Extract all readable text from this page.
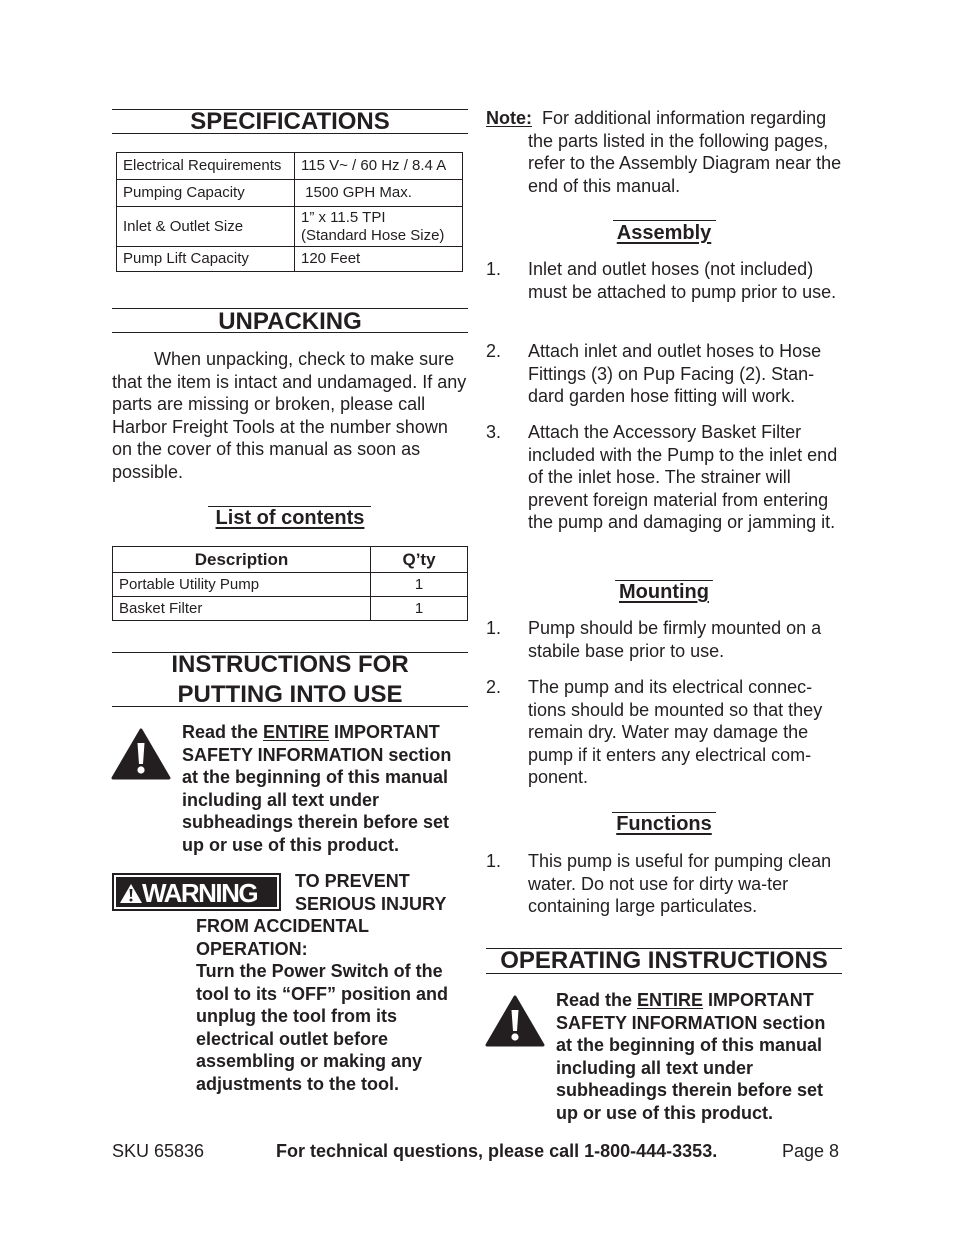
SPECIFICATIONS
Electrical Requirements	115 V~ / 60 Hz / 8.4 A
Pumping Capacity	1500 GPH Max.
Inlet & Outlet Size	1” x 11.5 TPI
(Standard Hose Size)

Pump Lift Capacity	120 Feet
UNPACKING
When unpacking, check to make sure that the item is intact and undamaged. If any parts are missing or broken, please call Harbor Freight Tools at the number shown on the cover of this manual as soon as possible.
List of contents
Description	Q’ty
Portable Utility Pump	1
Basket Filter	1
INSTRUCTIONS FOR
PUTTING INTO USE
Read the ENTIRE IMPORTANT SAFETY INFORMATION section at the beginning of this manual including all text under subheadings therein before set up or use of this product.
WARNING TO PREVENT
SERIOUS INJURY
FROM ACCIDENTAL OPERATION:
Turn the Power Switch of the tool to its “OFF” position and unplug the tool from its electrical outlet before assembling or making any adjustments to the tool.
Note: For additional information regarding
the parts listed in the following pages, refer to the Assembly Diagram near the end of this manual.
Assembly
1. Inlet and outlet hoses (not included) must be attached to pump prior to use.
2. Attach inlet and outlet hoses to Hose Fittings (3) on Pup Facing (2). Stan-dard garden hose fitting will work.
3. Attach the Accessory Basket Filter included with the Pump to the inlet end of the inlet hose. The strainer will prevent foreign material from entering the pump and damaging or jamming it.
Mounting
1. Pump should be firmly mounted on a stabile base prior to use.
2. The pump and its electrical connec-tions should be mounted so that they remain dry. Water may damage the pump if it enters any electrical com-ponent.
Functions
1. This pump is useful for pumping clean water. Do not use for dirty wa-ter containing large particulates.
OPERATING INSTRUCTIONS
Read the ENTIRE IMPORTANT SAFETY INFORMATION section at the beginning of this manual including all text under subheadings therein before set up or use of this product.
SKU 65836	For technical questions, please call 1-800-444-3353.	Page 8
